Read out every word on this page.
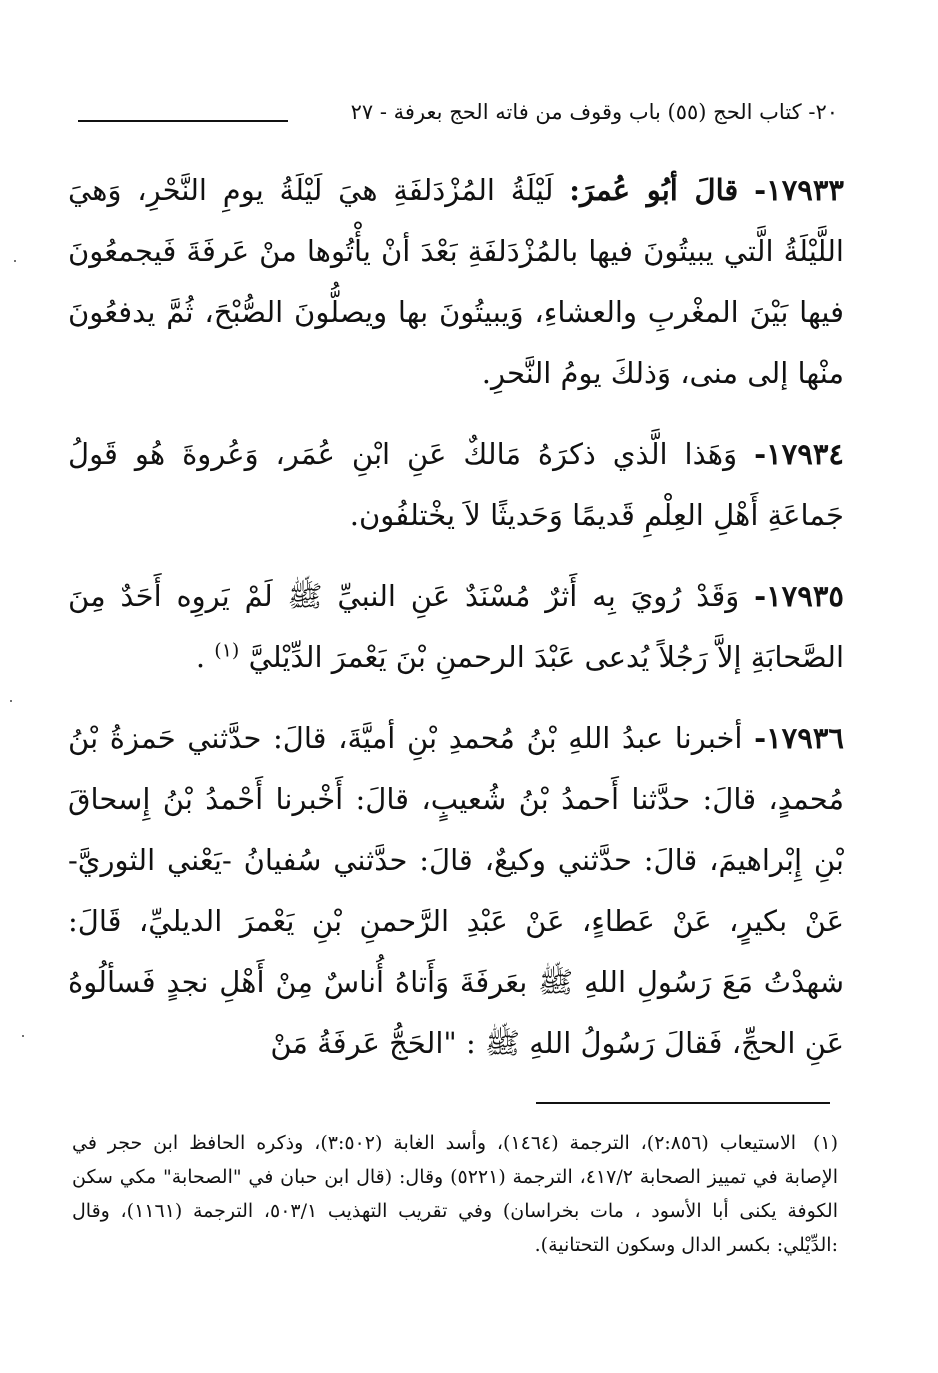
٢٠- كتاب الحج (٥٥) باب وقوف من فاته الحج بعرفة - ٢٧

١٧٩٣٣- قالَ أبُو عُمرَ: لَيْلَةُ المُزْدَلفَةِ هيَ لَيْلَةُ يومِ النَّحْرِ، وَهيَ اللَّيْلَةُ الَّتي يبيتُونَ فيها بالمُزْدَلفَةِ بَعْدَ أنْ يأْتُوها منْ عَرفَةَ فَيجمعُونَ فيها بَيْنَ المغْربِ والعشاءِ، وَيبيتُونَ بها ويصلُّونَ الصُّبْحَ، ثُمَّ يدفعُونَ منْها إلى منى، وَذلكَ يومُ النَّحرِ.

١٧٩٣٤- وَهَذا الَّذي ذكرَهُ مَالكٌ عَنِ ابْنِ عُمَر، وَعُروةَ هُو قَولُ جَماعَةِ أَهْلِ العِلْمِ قَديمًا وَحَديثًا لاَ يخْتلفُون.

١٧٩٣٥- وَقَدْ رُويَ بِه أَثرٌ مُسْنَدٌ عَنِ النبيِّ ﷺ لَمْ يَروِه أَحَدٌ مِنَ الصَّحابَةِ إلاَّ رَجُلاً يُدعى عَبْدَ الرحمنِ بْنَ يَعْمرَ الدِّيْليَّ $^{(١)}$ .

١٧٩٣٦- أخبرنا عبدُ اللهِ بْنُ مُحمدِ بْنِ أميَّةَ، قالَ: حدَّثني حَمزةُ بْنُ مُحمدٍ، قالَ: حدَّثنا أَحمدُ بْنُ شُعيبٍ، قالَ: أَخْبرنا أَحْمدُ بْنُ إِسحاقَ بْنِ إِبْراهيمَ، قالَ: حدَّثني وكيعٌ، قالَ: حدَّثني سُفيانُ -يَعْني الثوريَّ- عَنْ بكيرٍ، عَنْ عَطاءٍ، عَنْ عَبْدِ الرَّحمنِ بْنِ يَعْمرَ الديليِّ، قَالَ: شهدْتُ مَعَ رَسُولِ اللهِ ﷺ بعَرفَةَ وَأَتاهُ أُناسٌ مِنْ أَهْلِ نجدٍ فَسألُوهُ عَنِ الحجِّ، فَقالَ رَسُولُ اللهِ ﷺ : "الحَجُّ عَرفَةُ مَنْ

(١) الاستيعاب (٢:٨٥٦)، الترجمة (١٤٦٤)، وأسد الغابة (٣:٥٠٢)، وذكره الحافظ ابن حجر في الإصابة في تمييز الصحابة ٤١٧/٢، الترجمة (٥٢٢١) وقال: (قال ابن حبان في "الصحابة" مكي سكن الكوفة يكنى أبا الأسود ، مات بخراسان) وفي تقريب التهذيب ٥٠٣/١، الترجمة (١١٦١)، وقال :الدِّيْلي: بكسر الدال وسكون التحتانية).
